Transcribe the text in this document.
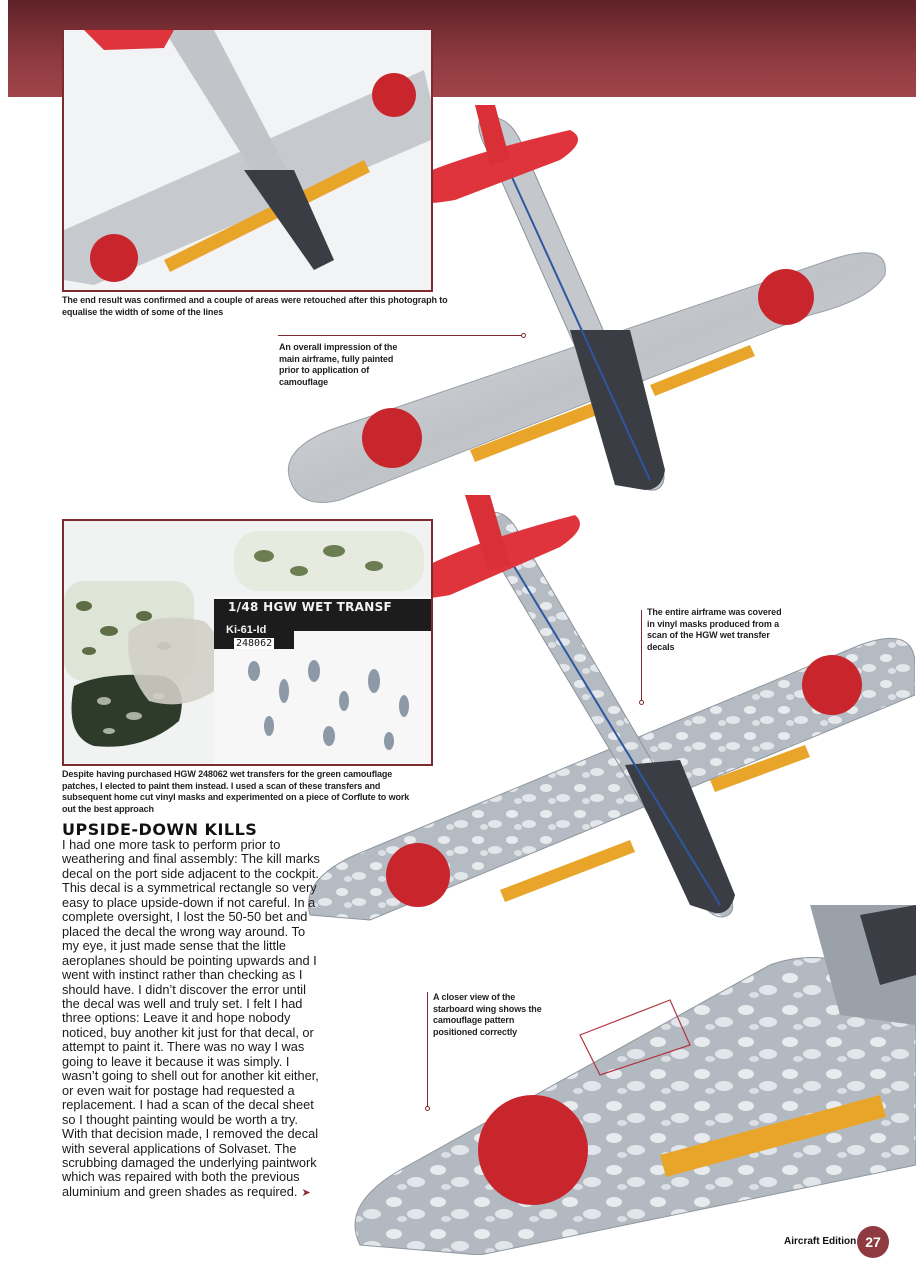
The end result was confirmed and a couple of areas were retouched after this photograph to equalise the width of some of the lines
An overall impression of the main airframe, fully painted prior to application of camouflage
The entire airframe was covered in vinyl masks produced from a scan of the HGW wet transfer decals
1/48 HGW WET TRANSF
Ki-61-Id
248062
Despite having purchased HGW 248062 wet transfers for the green camouflage patches, I elected to paint them instead. I used a scan of these transfers and subsequent home cut vinyl masks and experimented on a piece of Corflute to work out the best approach
A closer view of the starboard wing shows the camouflage pattern positioned correctly
UPSIDE-DOWN KILLS

I had one more task to perform prior to weathering and final assembly: The kill marks decal on the port side adjacent to the cockpit. This decal is a symmetrical rectangle so very easy to place upside-down if not careful. In a complete oversight, I lost the 50-50 bet and placed the decal the wrong way around. To my eye, it just made sense that the little aeroplanes should be pointing upwards and I went with instinct rather than checking as I should have. I didn’t discover the error until the decal was well and truly set. I felt I had three options: Leave it and hope nobody noticed, buy another kit just for that decal, or attempt to paint it. There was no way I was going to leave it because it was simply. I wasn’t going to shell out for another kit either, or even wait for postage had requested a replacement. I had a scan of the decal sheet so I thought painting would be worth a try. With that decision made, I removed the decal with several applications of Solvaset. The scrubbing damaged the underlying paintwork which was repaired with both the previous aluminium and green shades as required. ➤

Aircraft Edition 27
